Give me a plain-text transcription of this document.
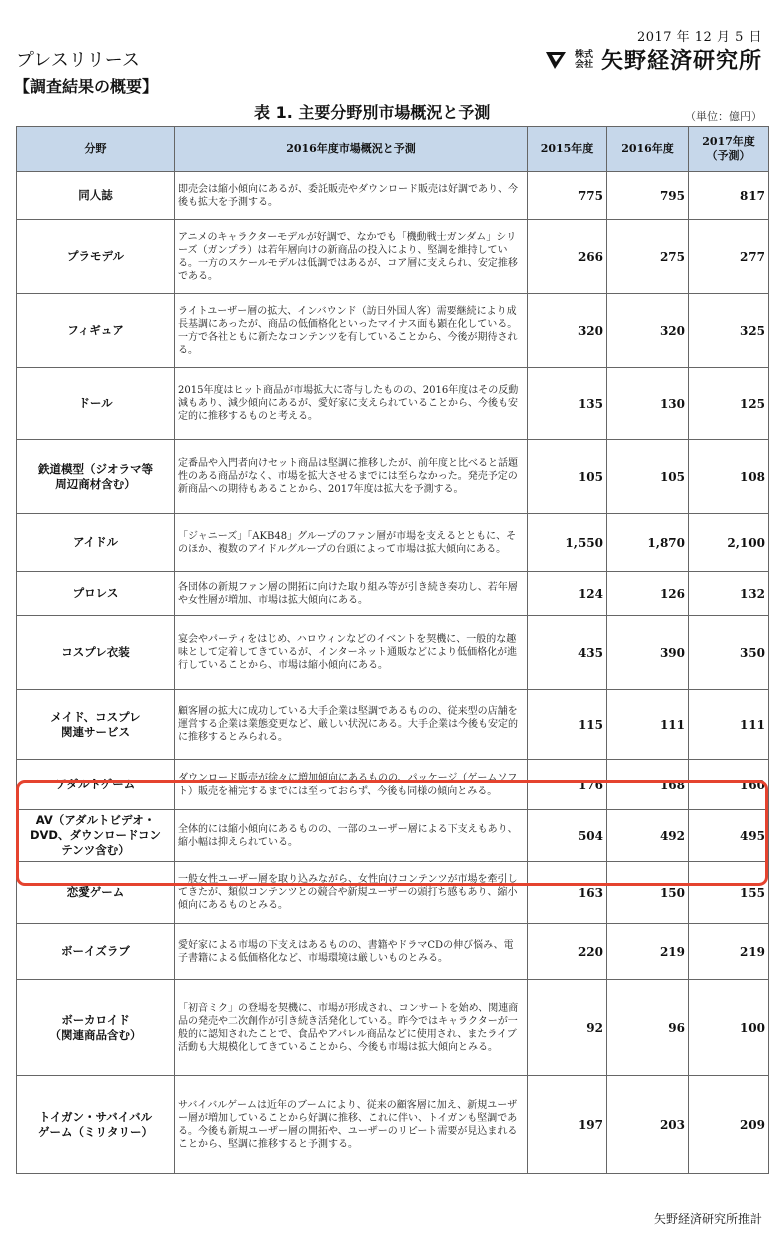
2017 年 12 月 5 日
プレスリリース
【調査結果の概要】
株式
会社 矢野経済研究所
表 1. 主要分野別市場概況と予測	（単位：億円）
分野	2016年度市場概況と予測	2015年度	2016年度	2017年度
（予測）

同人誌	即売会は縮小傾向にあるが、委託販売やダウンロード販売は好調であり、今後も拡大を予測する。	775	795	817

プラモデル	アニメのキャラクターモデルが好調で、なかでも「機動戦士ガンダム」シリーズ（ガンプラ）は若年層向けの新商品の投入により、堅調を維持している。一方のスケールモデルは低調ではあるが、コア層に支えられ、安定推移である。	266	275	277

フィギュア	ライトユーザー層の拡大、インバウンド（訪日外国人客）需要継続により成長基調にあったが、商品の低価格化といったマイナス面も顕在化している。一方で各社ともに新たなコンテンツを有していることから、今後が期待される。	320	320	325

ドール	2015年度はヒット商品が市場拡大に寄与したものの、2016年度はその反動減もあり、減少傾向にあるが、愛好家に支えられていることから、今後も安定的に推移するものと考える。	135	130	125

鉄道模型（ジオラマ等
周辺商材含む）	定番品や入門者向けセット商品は堅調に推移したが、前年度と比べると話題性のある商品がなく、市場を拡大させるまでには至らなかった。発売予定の新商品への期待もあることから、2017年度は拡大を予測する。	105	105	108

アイドル	「ジャニーズ」「AKB48」グループのファン層が市場を支えるとともに、そのほか、複数のアイドルグループの台頭によって市場は拡大傾向にある。	1,550	1,870	2,100

プロレス	各団体の新規ファン層の開拓に向けた取り組み等が引き続き奏功し、若年層や女性層が増加、市場は拡大傾向にある。	124	126	132

コスプレ衣装	宴会やパーティをはじめ、ハロウィンなどのイベントを契機に、一般的な趣味として定着してきているが、インターネット通販などにより低価格化が進行していることから、市場は縮小傾向にある。	435	390	350

メイド、コスプレ
関連サービス	顧客層の拡大に成功している大手企業は堅調であるものの、従来型の店舗を運営する企業は業態変更など、厳しい状況にある。大手企業は今後も安定的に推移するとみられる。	115	111	111

アダルトゲーム	ダウンロード販売が徐々に増加傾向にあるものの、パッケージ（ゲームソフト）販売を補完するまでには至っておらず、今後も同様の傾向とみる。	176	168	160

AV（アダルトビデオ・
DVD、ダウンロードコン
テンツ含む）	全体的には縮小傾向にあるものの、一部のユーザー層による下支えもあり、縮小幅は抑えられている。	504	492	495

恋愛ゲーム	一般女性ユーザー層を取り込みながら、女性向けコンテンツが市場を牽引してきたが、類似コンテンツとの競合や新規ユーザーの頭打ち感もあり、縮小傾向にあるものとみる。	163	150	155

ボーイズラブ	愛好家による市場の下支えはあるものの、書籍やドラマCDの伸び悩み、電子書籍による低価格化など、市場環境は厳しいものとみる。	220	219	219

ボーカロイド
（関連商品含む）	「初音ミク」の登場を契機に、市場が形成され、コンサートを始め、関連商品の発売や二次創作が引き続き活発化している。昨今ではキャラクターが一般的に認知されたことで、食品やアパレル商品などに使用され、またライブ活動も大規模化してきていることから、今後も市場は拡大傾向とみる。	92	96	100

トイガン・サバイバル
ゲーム（ミリタリー）	サバイバルゲームは近年のブームにより、従来の顧客層に加え、新規ユーザー層が増加していることから好調に推移、これに伴い、トイガンも堅調である。今後も新規ユーザー層の開拓や、ユーザーのリピート需要が見込まれることから、堅調に推移すると予測する。	197	203	209
矢野経済研究所推計
